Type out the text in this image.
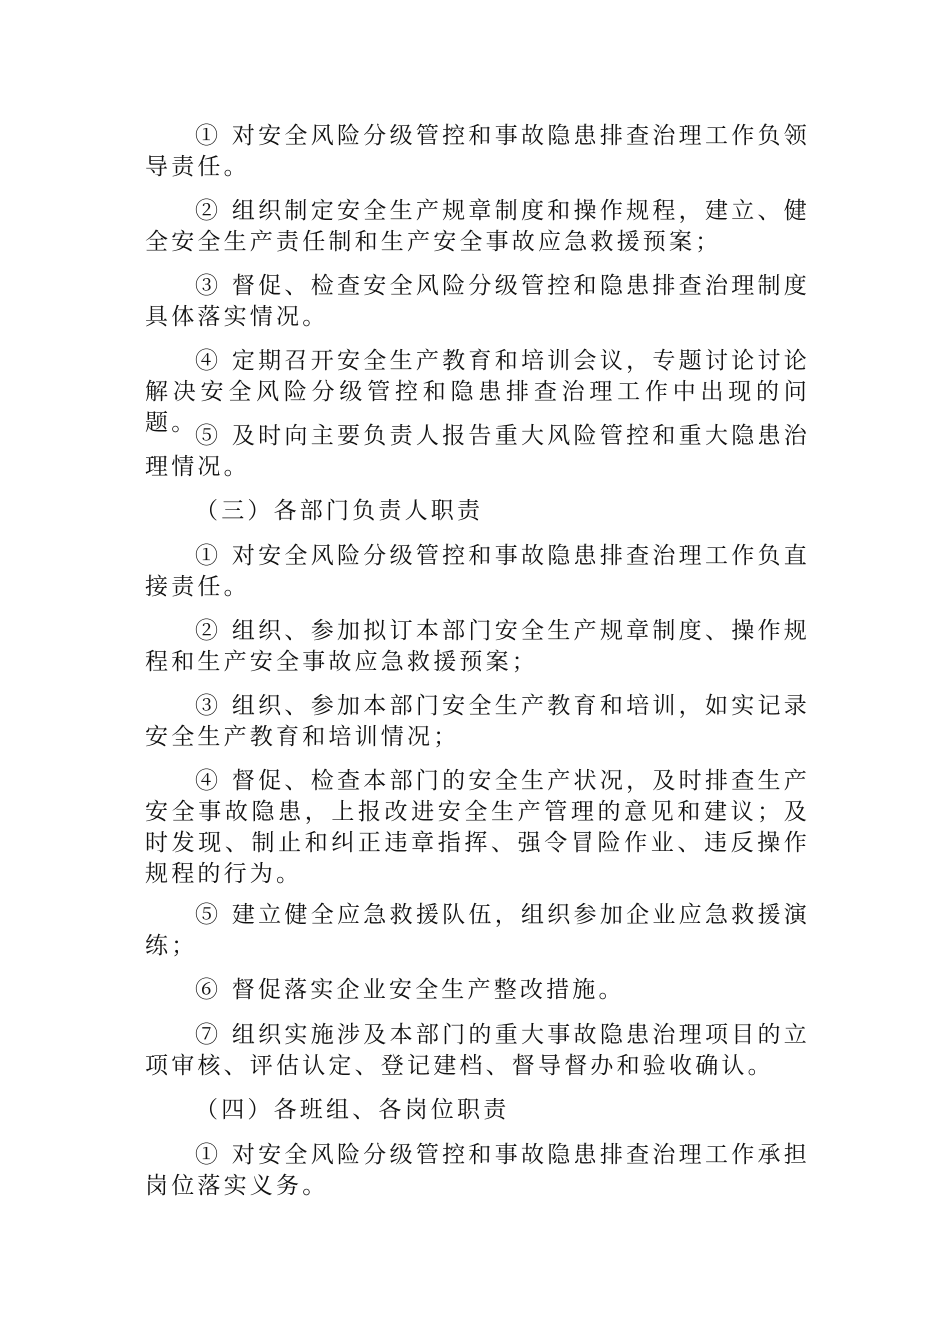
① 对安全风险分级管控和事故隐患排查治理工作负领导责任。

② 组织制定安全生产规章制度和操作规程，建立、健全安全生产责任制和生产安全事故应急救援预案；

③ 督促、检查安全风险分级管控和隐患排查治理制度具体落实情况。

④ 定期召开安全生产教育和培训会议，专题讨论讨论解决安全风险分级管控和隐患排查治理工作中出现的问题。

⑤ 及时向主要负责人报告重大风险管控和重大隐患治理情况。

（三）各部门负责人职责

① 对安全风险分级管控和事故隐患排查治理工作负直接责任。

② 组织、参加拟订本部门安全生产规章制度、操作规程和生产安全事故应急救援预案；

③ 组织、参加本部门安全生产教育和培训，如实记录安全生产教育和培训情况；

④ 督促、检查本部门的安全生产状况，及时排查生产安全事故隐患，上报改进安全生产管理的意见和建议；及时发现、制止和纠正违章指挥、强令冒险作业、违反操作规程的行为。

⑤ 建立健全应急救援队伍，组织参加企业应急救援演练；

⑥ 督促落实企业安全生产整改措施。

⑦ 组织实施涉及本部门的重大事故隐患治理项目的立项审核、评估认定、登记建档、督导督办和验收确认。

（四）各班组、各岗位职责

① 对安全风险分级管控和事故隐患排查治理工作承担岗位落实义务。
